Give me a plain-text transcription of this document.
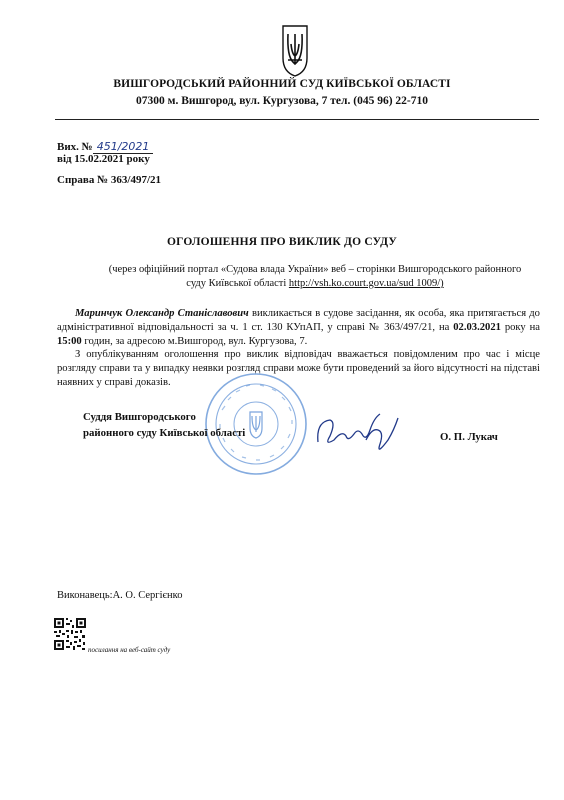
ВИШГОРОДСЬКИЙ РАЙОННИЙ СУД КИЇВСЬКОЇ ОБЛАСТІ
07300 м. Вишгород, вул. Кургузова, 7 тел. (045 96) 22-710
Вих. № 451/2021
від 15.02.2021 року
Справа № 363/497/21
ОГОЛОШЕННЯ ПРО ВИКЛИК ДО СУДУ
(через офіційний портал «Судова влада України» веб – сторінки Вишгородського районного
суду Київської області http://vsh.ko.court.gov.ua/sud 1009/)

Маринчук Олександр Станіславович викликається в судове засідання, як особа, яка притягається до адміністративної відповідальності за ч. 1 ст. 130 КУпАП, у справі № 363/497/21, на 02.03.2021 року на 15:00 годин, за адресою м.Вишгород, вул. Кургузова, 7.

З опублікуванням оголошення про виклик відповідач вважається повідомленим про час і місце розгляду справи та у випадку неявки розгляд справи може бути проведений за його відсутності на підставі наявних у справі доказів.

Суддя Вишгородського
районного суду Київської області	О. П. Лукач
Виконавець:А. О. Сергієнко
посилання на веб-сайт суду
